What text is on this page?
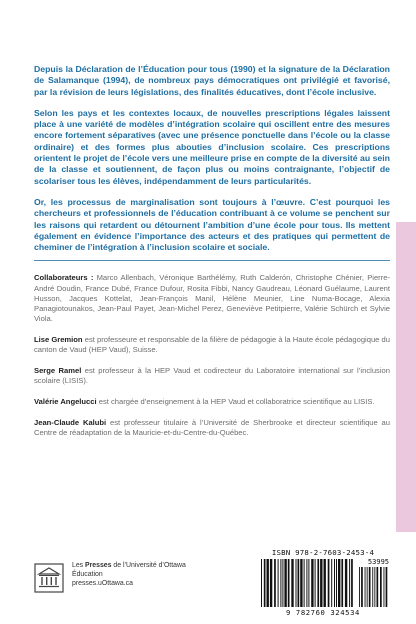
Depuis la Déclaration de l’Éducation pour tous (1990) et la signature de la Déclaration de Salamanque (1994), de nombreux pays démocratiques ont privilégié et favorisé, par la révision de leurs législations, des finalités éducatives, dont l’école inclusive.

Selon les pays et les contextes locaux, de nouvelles prescriptions légales laissent place à une variété de modèles d’intégration scolaire qui oscillent entre des mesures encore fortement séparatives (avec une présence ponctuelle dans l’école ou la classe ordinaire) et des formes plus abouties d’inclusion scolaire. Ces prescriptions orientent le projet de l’école vers une meilleure prise en compte de la diversité au sein de la classe et soutiennent, de façon plus ou moins contraignante, l’objectif de scolariser tous les élèves, indépendamment de leurs particularités.

Or, les processus de marginalisation sont toujours à l’œuvre. C’est pourquoi les chercheurs et professionnels de l’éducation contribuant à ce volume se penchent sur les raisons qui retardent ou détournent l’ambition d’une école pour tous. Ils mettent également en évidence l’importance des acteurs et des pratiques qui permettent de cheminer de l’intégration à l’inclusion scolaire et sociale.

Collaborateurs : Marco Allenbach, Véronique Barthélémy, Ruth Calderón, Christophe Chénier, Pierre-André Doudin, France Dubé, France Dufour, Rosita Fibbi, Nancy Gaudreau, Léonard Guélaume, Laurent Husson, Jacques Kottelat, Jean-François Manil, Hélène Meunier, Line Numa-Bocage, Alexia Panagiotounakos, Jean-Paul Payet, Jean-Michel Perez, Geneviève Petitpierre, Valérie Schürch et Sylvie Viola.

Lise Gremion est professeure et responsable de la filière de pédagogie à la Haute école pédagogique du canton de Vaud (HEP Vaud), Suisse.

Serge Ramel est professeur à la HEP Vaud et codirecteur du Laboratoire international sur l’inclusion scolaire (LISIS).

Valérie Angelucci est chargée d’enseignement à la HEP Vaud et collaboratrice scientifique au LISIS.

Jean-Claude Kalubi est professeur titulaire à l’Université de Sherbrooke et directeur scientifique au Centre de réadaptation de la Mauricie-et-du-Centre-du-Québec.

Les Presses de l’Université d’Ottawa
Éducation
presses.uOttawa.ca
ISBN 978-2-7603-2453-4
53995
9 782760 324534
